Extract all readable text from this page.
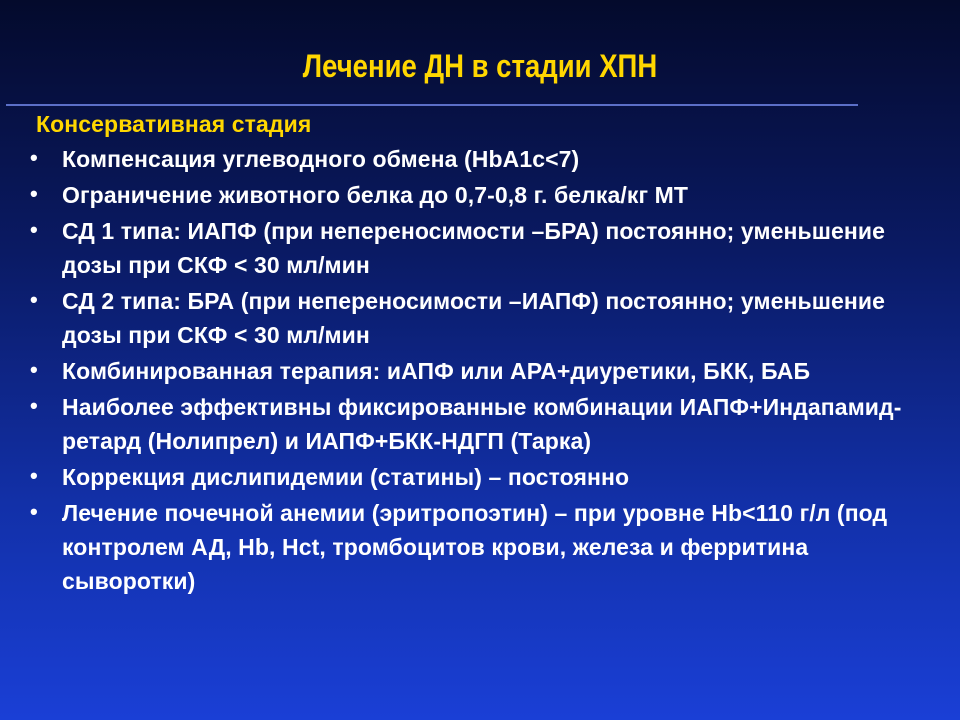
Лечение ДН в стадии ХПН
Консервативная стадия
• Компенсация углеводного обмена (HbA1c<7)
• Ограничение животного белка до 0,7-0,8 г. белка/кг МТ
• СД 1 типа: ИАПФ (при непереносимости –БРА) постоянно; уменьшение дозы при СКФ < 30 мл/мин
• СД 2 типа: БРА (при непереносимости –ИАПФ) постоянно; уменьшение дозы при СКФ < 30 мл/мин
• Комбинированная терапия: иАПФ или АРА+диуретики, БКК, БАБ
• Наиболее эффективны фиксированные комбинации ИАПФ+Индапамид-ретард (Нолипрел) и ИАПФ+БКК-НДГП (Тарка)
• Коррекция дислипидемии (статины) – постоянно
• Лечение почечной анемии (эритропоэтин) – при уровне Hb<110 г/л (под контролем АД, Hb, Hct, тромбоцитов крови, железа и ферритина сыворотки)
